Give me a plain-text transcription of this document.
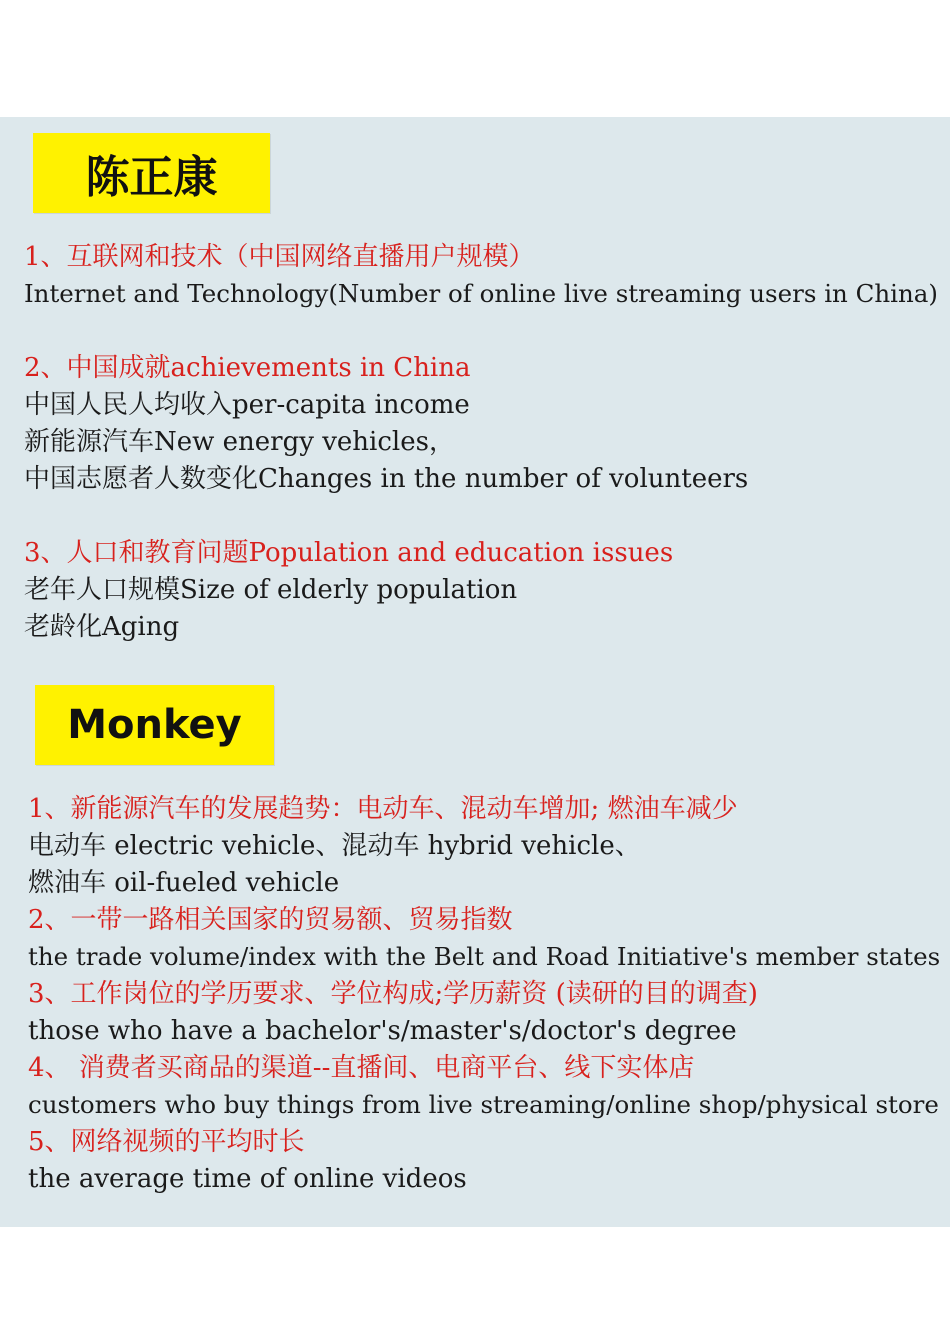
陈正康
1、互联网和技术（中国网络直播用户规模）
Internet and Technology(Number of online live streaming users in China)
2、中国成就achievements in China
中国人民人均收入per-capita income
新能源汽车New energy vehicles，
中国志愿者人数变化Changes in the number of volunteers
3、人口和教育问题Population and education issues
老年人口规模Size of elderly population
老龄化Aging
Monkey
1、新能源汽车的发展趋势：电动车、混动车增加; 燃油车减少
电动车 electric vehicle、混动车 hybrid vehicle、
燃油车 oil-fueled vehicle
2、一带一路相关国家的贸易额、贸易指数
the trade volume/index with the Belt and Road Initiative's member states
3、工作岗位的学历要求、学位构成;学历薪资 (读研的目的调查)
those who have a bachelor's/master's/doctor's degree
4、 消费者买商品的渠道--直播间、电商平台、线下实体店
customers who buy things from live streaming/online shop/physical store
5、网络视频的平均时长
the average time of online videos
